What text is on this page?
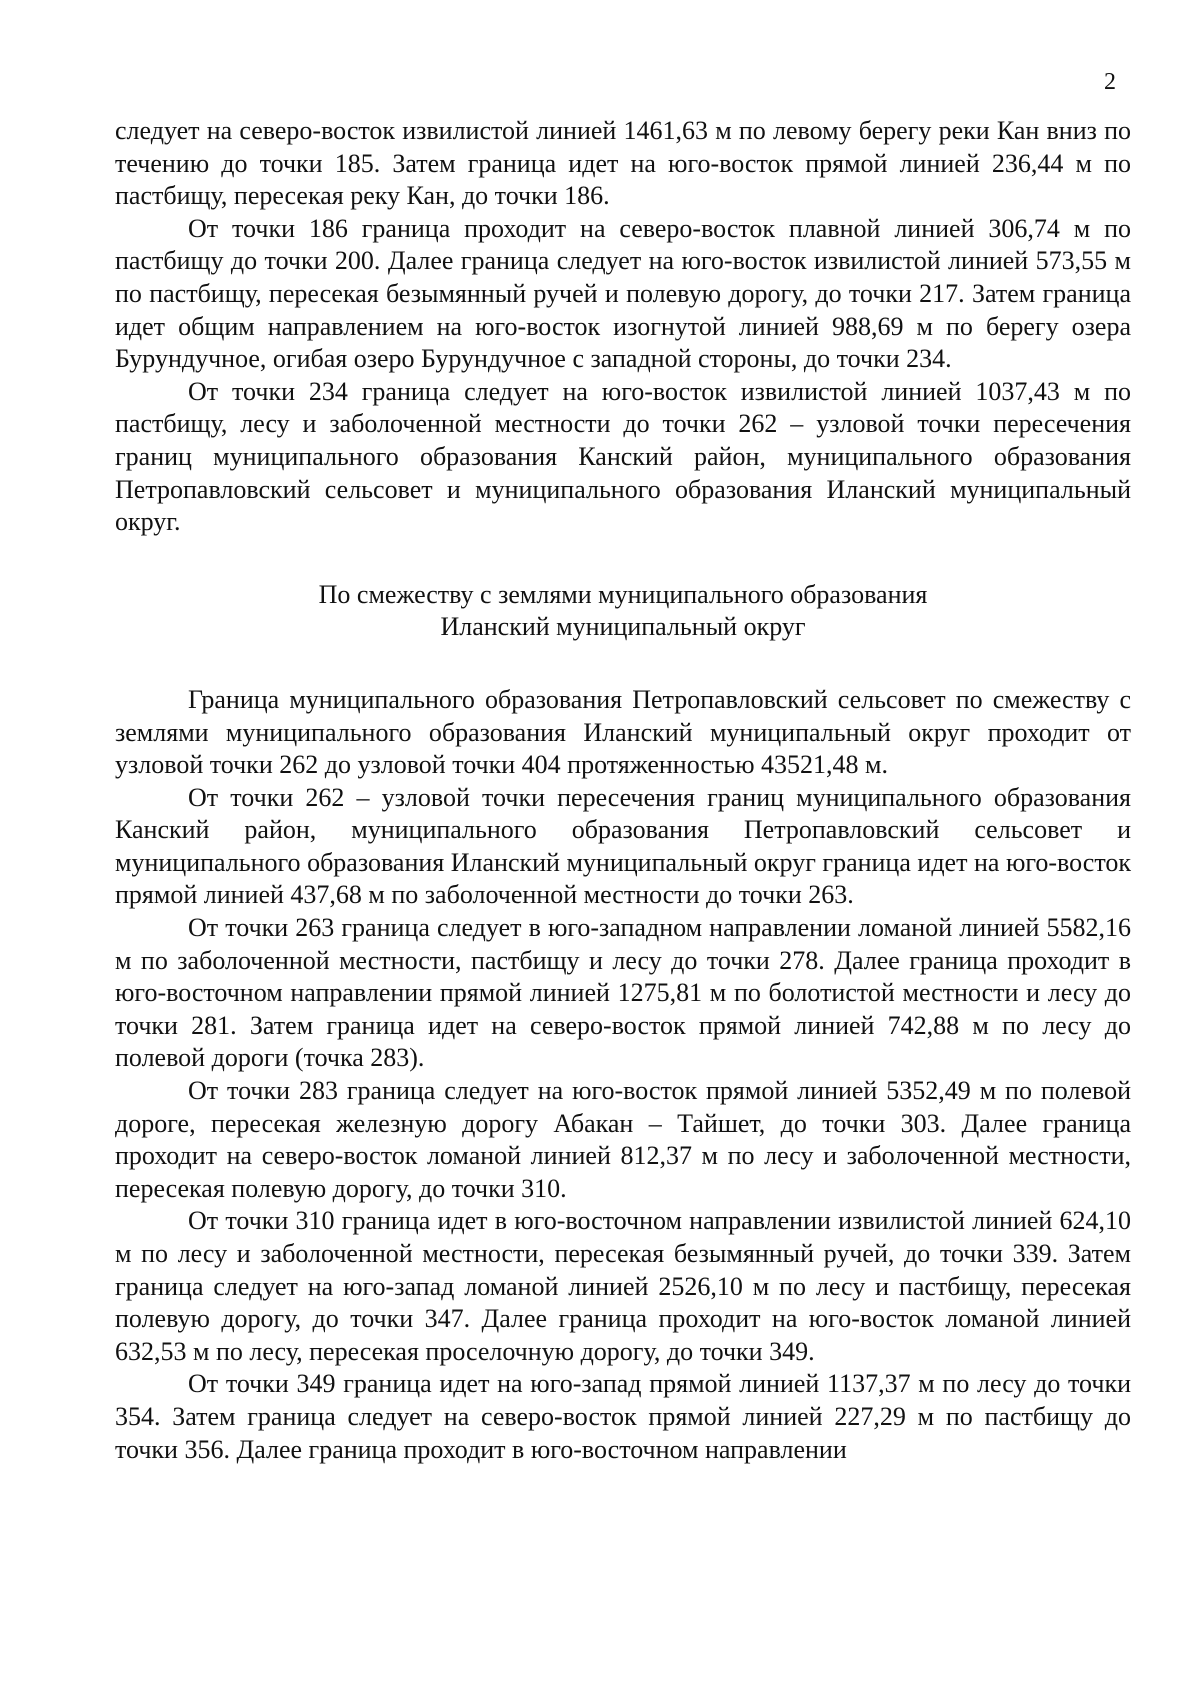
2

следует на северо-восток извилистой линией 1461,63 м по левому берегу реки Кан вниз по течению до точки 185. Затем граница идет на юго-восток прямой линией 236,44 м по пастбищу, пересекая реку Кан, до точки 186.

От точки 186 граница проходит на северо-восток плавной линией 306,74 м по пастбищу до точки 200. Далее граница следует на юго-восток извилистой линией 573,55 м по пастбищу, пересекая безымянный ручей и полевую дорогу, до точки 217. Затем граница идет общим направлением на юго-восток изогнутой линией 988,69 м по берегу озера Бурундучное, огибая озеро Бурундучное с западной стороны, до точки 234.

От точки 234 граница следует на юго-восток извилистой линией 1037,43 м по пастбищу, лесу и заболоченной местности до точки 262 – узловой точки пересечения границ муниципального образования Канский район, муниципального образования Петропавловский сельсовет и муниципального образования Иланский муниципальный округ.

По смежеству с землями муниципального образования
Иланский муниципальный округ

Граница муниципального образования Петропавловский сельсовет по смежеству с землями муниципального образования Иланский муниципальный округ проходит от узловой точки 262 до узловой точки 404 протяженностью 43521,48 м.

От точки 262 – узловой точки пересечения границ муниципального образования Канский район, муниципального образования Петропавловский сельсовет и муниципального образования Иланский муниципальный округ граница идет на юго-восток прямой линией 437,68 м по заболоченной местности до точки 263.

От точки 263 граница следует в юго-западном направлении ломаной линией 5582,16 м по заболоченной местности, пастбищу и лесу до точки 278. Далее граница проходит в юго-восточном направлении прямой линией 1275,81 м по болотистой местности и лесу до точки 281. Затем граница идет на северо-восток прямой линией 742,88 м по лесу до полевой дороги (точка 283).

От точки 283 граница следует на юго-восток прямой линией 5352,49 м по полевой дороге, пересекая железную дорогу Абакан – Тайшет, до точки 303. Далее граница проходит на северо-восток ломаной линией 812,37 м по лесу и заболоченной местности, пересекая полевую дорогу, до точки 310.

От точки 310 граница идет в юго-восточном направлении извилистой линией 624,10 м по лесу и заболоченной местности, пересекая безымянный ручей, до точки 339. Затем граница следует на юго-запад ломаной линией 2526,10 м по лесу и пастбищу, пересекая полевую дорогу, до точки 347. Далее граница проходит на юго-восток ломаной линией 632,53 м по лесу, пересекая проселочную дорогу, до точки 349.

От точки 349 граница идет на юго-запад прямой линией 1137,37 м по лесу до точки 354. Затем граница следует на северо-восток прямой линией 227,29 м по пастбищу до точки 356. Далее граница проходит в юго-восточном направлении
